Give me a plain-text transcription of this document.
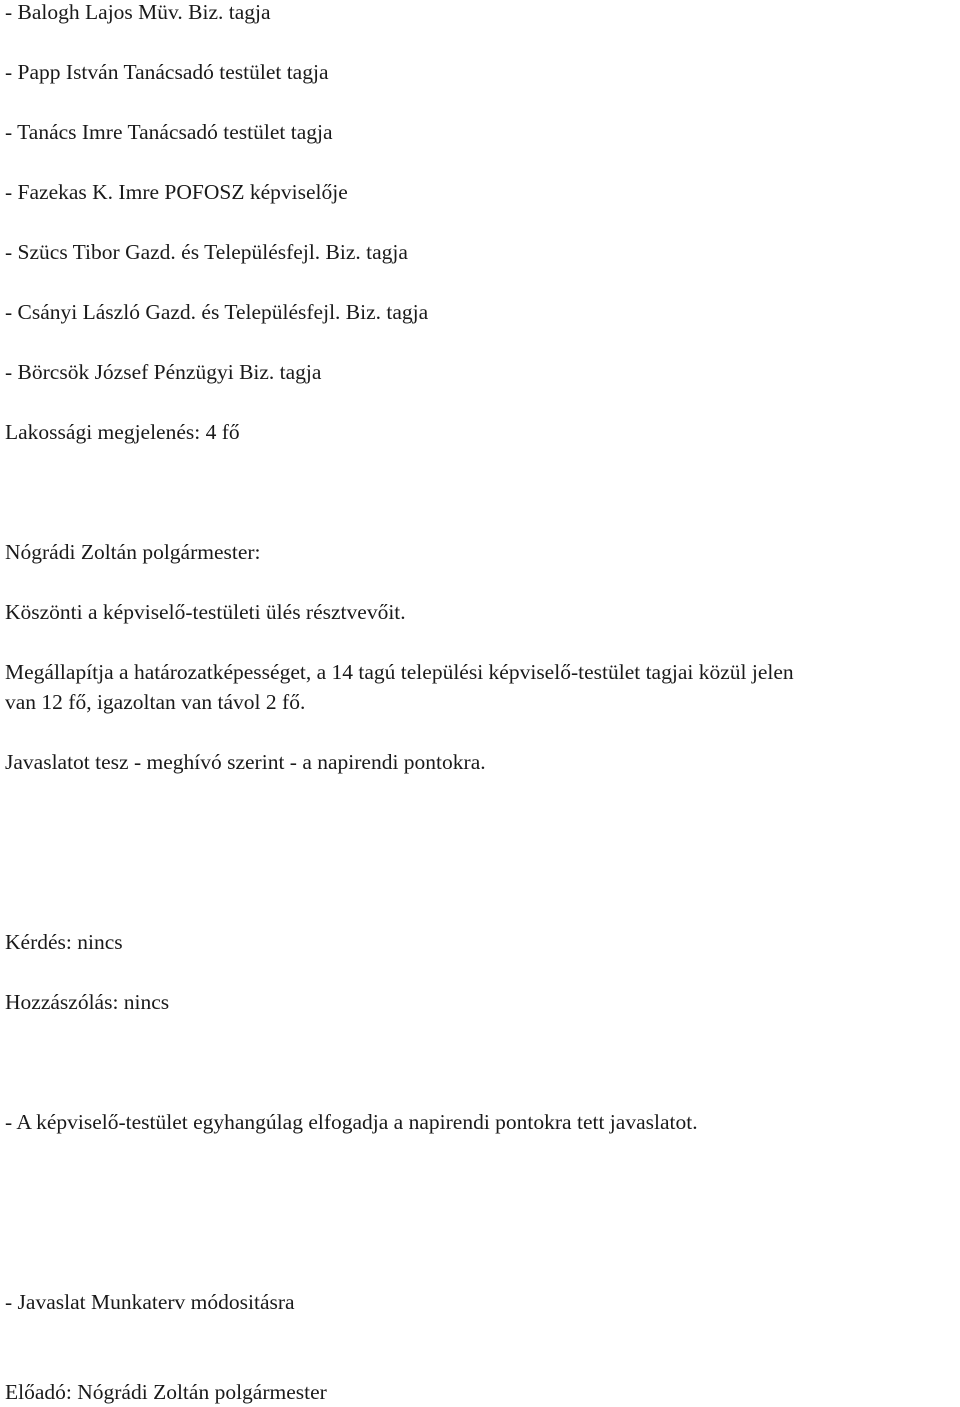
- Balogh Lajos Müv. Biz. tagja
- Papp István Tanácsadó testület tagja
- Tanács Imre Tanácsadó testület tagja
- Fazekas K. Imre POFOSZ képviselője
- Szücs Tibor Gazd. és Településfejl. Biz. tagja
- Csányi László Gazd. és Településfejl. Biz. tagja
- Börcsök József Pénzügyi Biz. tagja
Lakossági megjelenés: 4 fő
Nógrádi Zoltán polgármester:
Köszönti a képviselő-testületi ülés résztvevőit.
Megállapítja a határozatképességet, a 14 tagú települési képviselő-testület tagjai közül jelen
van 12 fő, igazoltan van távol 2 fő.
Javaslatot tesz - meghívó szerint - a napirendi pontokra.
Kérdés: nincs
Hozzászólás: nincs
- A képviselő-testület egyhangúlag elfogadja a napirendi pontokra tett javaslatot.
- Javaslat Munkaterv módositásra
Előadó: Nógrádi Zoltán polgármester
